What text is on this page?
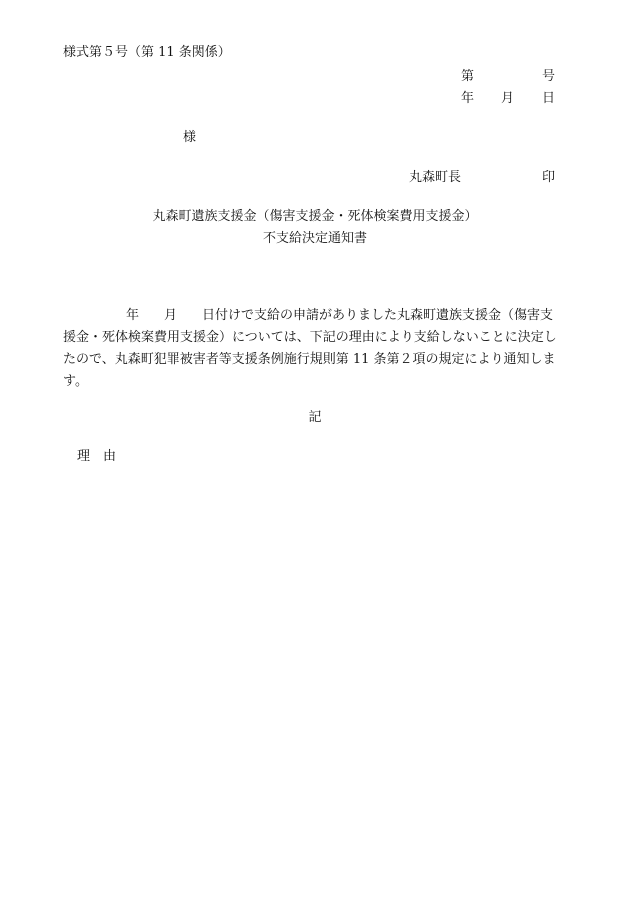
様式第５号（第 11 条関係）
第	号
年 月 日
様
丸森町長	印
丸森町遺族支援金（傷害支援金・死体検案費用支援金）
不支給決定通知書
年 月 日付けで支給の申請がありました丸森町遺族支援金（傷害支
援金・死体検案費用支援金）については、下記の理由により支給しないことに決定し
たので、丸森町犯罪被害者等支援条例施行規則第 11 条第２項の規定により通知しま
す。
記
理 由
